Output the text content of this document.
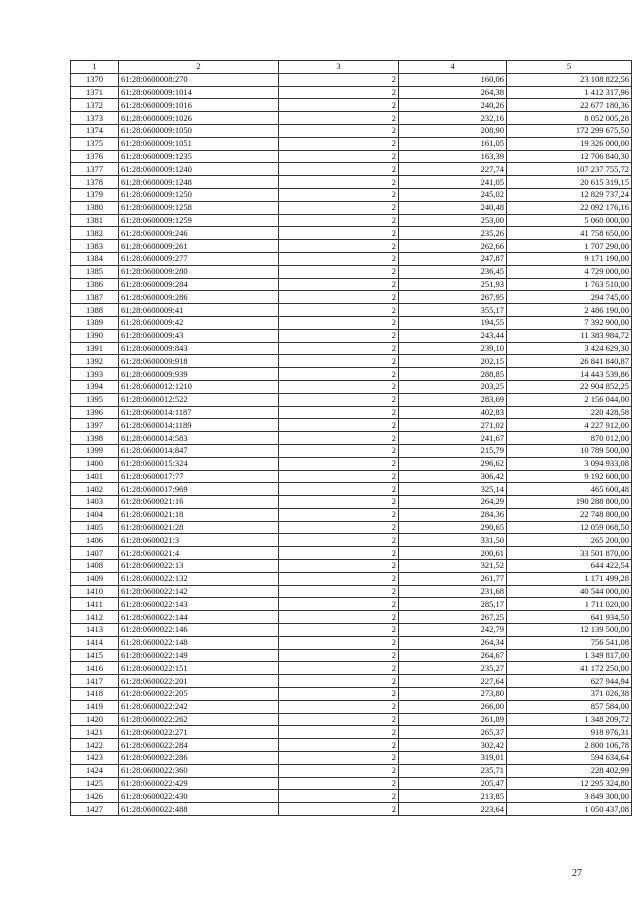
1	2	3	4	5
1370	61:28:0600008:270	2	160,06	23 108 822,56
1371	61:28:0600009:1014	2	264,38	1 412 317,96
1372	61:28:0600009:1016	2	240,26	22 677 180,36
1373	61:28:0600009:1026	2	232,16	8 052 005,28
1374	61:28:0600009:1050	2	208,90	172 299 675,50
1375	61:28:0600009:1051	2	161,05	19 326 000,00
1376	61:28:0600009:1235	2	163,39	12 706 840,30
1377	61:28:0600009:1240	2	227,74	107 237 755,72
1378	61:28:0600009:1248	2	241,05	20 615 319,15
1379	61:28:0600009:1250	2	245,02	12 829 737,24
1380	61:28:0600009:1258	2	240,48	22 092 176,16
1381	61:28:0600009:1259	2	253,00	5 060 000,00
1382	61:28:0600009:246	2	235,26	41 758 650,00
1383	61:28:0600009:261	2	262,66	1 707 290,00
1384	61:28:0600009:277	2	247,87	9 171 190,00
1385	61:28:0600009:280	2	236,45	4 729 000,00
1386	61:28:0600009:284	2	251,93	1 763 510,00
1387	61:28:0600009:286	2	267,95	294 745,00
1388	61:28:0600009:41	2	355,17	2 486 190,00
1389	61:28:0600009:42	2	194,55	7 392 900,00
1390	61:28:0600009:43	2	243,44	11 383 984,72
1391	61:28:0600009:843	2	239,10	3 424 629,30
1392	61:28:0600009:918	2	202,15	26 841 840,87
1393	61:28:0600009:939	2	288,85	14 443 539,86
1394	61:28:0600012:1210	2	203,25	22 904 852,25
1395	61:28:0600012:522	2	283,69	2 156 044,00
1396	61:28:0600014:1187	2	402,83	220 428,58
1397	61:28:0600014:1189	2	271,02	4 227 912,00
1398	61:28:0600014:583	2	241,67	870 012,00
1399	61:28:0600014:847	2	215,79	10 789 500,00
1400	61:28:0600015:324	2	296,62	3 094 933,08
1401	61:28:0600017:77	2	306,42	9 192 600,00
1402	61:28:0600017:969	2	325,14	465 600,48
1403	61:28:0600021:16	2	264,29	190 288 800,00
1404	61:28:0600021:18	2	284,36	22 748 800,00
1405	61:28:0600021:28	2	290,65	12 059 068,50
1406	61:28:0600021:3	2	331,50	265 200,00
1407	61:28:0600021:4	2	200,61	33 501 870,00
1408	61:28:0600022:13	2	321,52	644 422,54
1409	61:28:0600022:132	2	261,77	1 171 499,28
1410	61:28:0600022:142	2	231,68	40 544 000,00
1411	61:28:0600022:143	2	285,17	1 711 020,00
1412	61:28:0600022:144	2	267,25	641 934,50
1413	61:28:0600022:146	2	242,79	12 139 500,00
1414	61:28:0600022:148	2	264,34	756 541,08
1415	61:28:0600022:149	2	264,67	1 349 817,00
1416	61:28:0600022:151	2	235,27	41 172 250,00
1417	61:28:0600022:201	2	227,64	627 944,94
1418	61:28:0600022:205	2	273,80	371 026,38
1419	61:28:0600022:242	2	266,00	857 584,00
1420	61:28:0600022:262	2	261,89	1 348 209,72
1421	61:28:0600022:271	2	265,37	918 976,31
1422	61:28:0600022:284	2	302,42	2 800 106,78
1423	61:28:0600022:286	2	319,01	594 634,64
1424	61:28:0600022:360	2	235,71	228 402,99
1425	61:28:0600022:429	2	205,47	12 295 324,80
1426	61:28:0600022:430	2	213,85	3 849 300,00
1427	61:28:0600022:488	2	223,64	1 050 437,08
27
